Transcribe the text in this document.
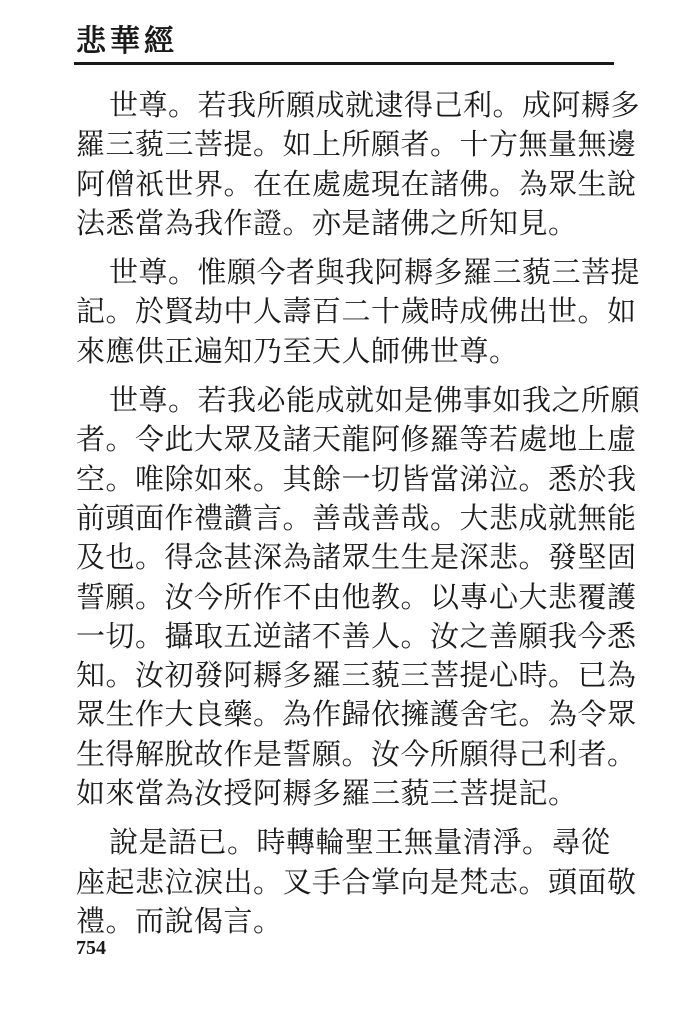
悲華經
世尊。若我所願成就逮得己利。成阿耨多
羅三藐三菩提。如上所願者。十方無量無邊
阿僧祇世界。在在處處現在諸佛。為眾生說
法悉當為我作證。亦是諸佛之所知見。
世尊。惟願今者與我阿耨多羅三藐三菩提
記。於賢劫中人壽百二十歲時成佛出世。如
來應供正遍知乃至天人師佛世尊。
世尊。若我必能成就如是佛事如我之所願
者。令此大眾及諸天龍阿修羅等若處地上虛
空。唯除如來。其餘一切皆當涕泣。悉於我
前頭面作禮讚言。善哉善哉。大悲成就無能
及也。得念甚深為諸眾生生是深悲。發堅固
誓願。汝今所作不由他教。以專心大悲覆護
一切。攝取五逆諸不善人。汝之善願我今悉
知。汝初發阿耨多羅三藐三菩提心時。已為
眾生作大良藥。為作歸依擁護舍宅。為令眾
生得解脫故作是誓願。汝今所願得己利者。
如來當為汝授阿耨多羅三藐三菩提記。
說是語已。時轉輪聖王無量清淨。尋從
座起悲泣淚出。叉手合掌向是梵志。頭面敬
禮。而說偈言。
754
